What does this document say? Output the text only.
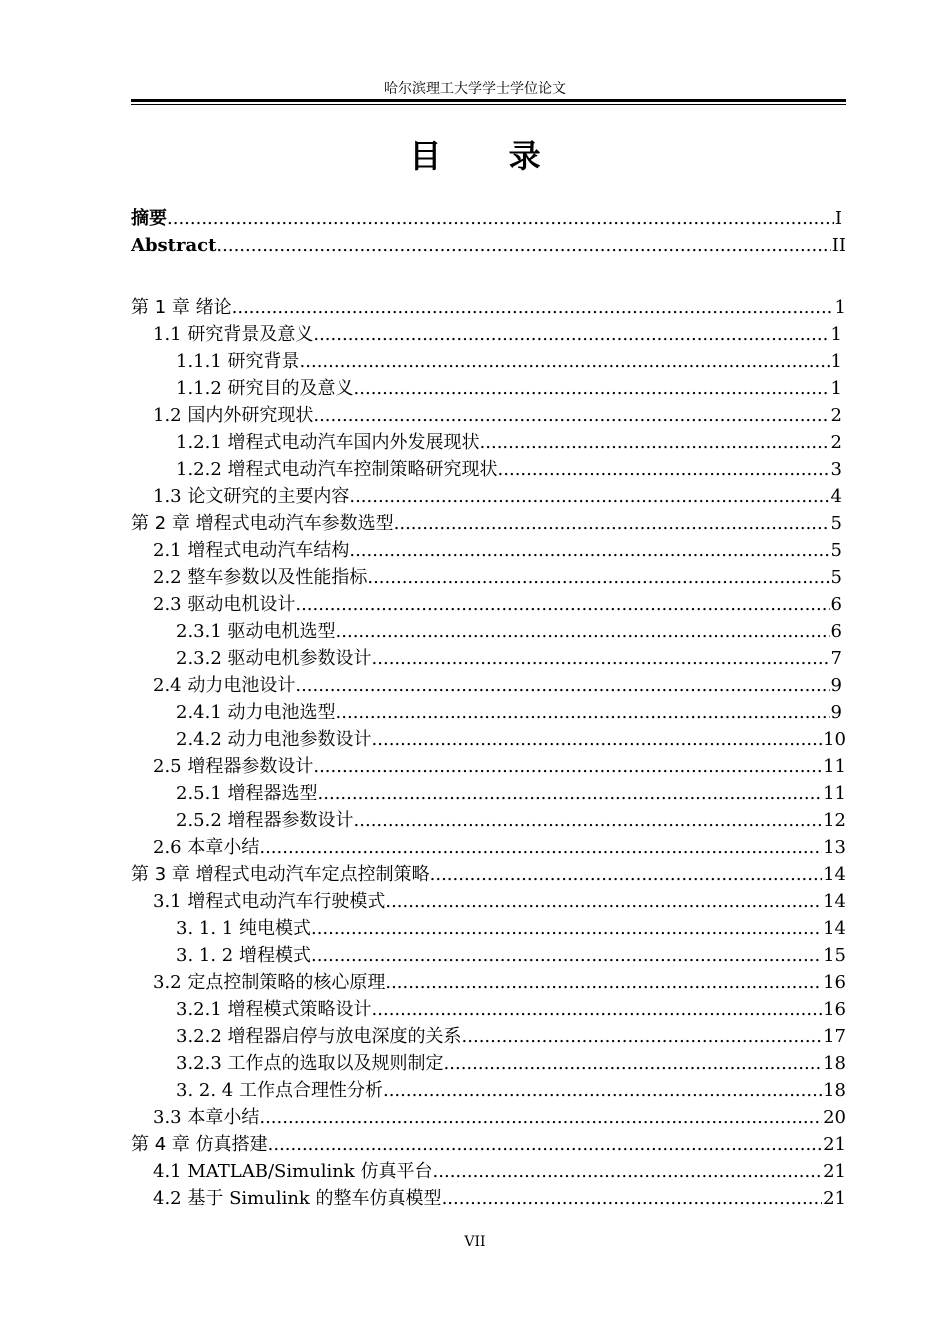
哈尔滨理工大学学士学位论文
目 录
摘要 .....	I
Abstract .....	II
第 1 章 绪论 .....	1
1.1 研究背景及意义 .....	1
1.1.1 研究背景 .....	1
1.1.2 研究目的及意义 .....	1
1.2 国内外研究现状 .....	2
1.2.1 增程式电动汽车国内外发展现状 .....	2
1.2.2 增程式电动汽车控制策略研究现状 .....	3
1.3 论文研究的主要内容 .....	4
第 2 章 增程式电动汽车参数选型 .....	5
2.1 增程式电动汽车结构 .....	5
2.2 整车参数以及性能指标 .....	5
2.3 驱动电机设计 .....	6
2.3.1 驱动电机选型 .....	6
2.3.2 驱动电机参数设计 .....	7
2.4 动力电池设计 .....	9
2.4.1 动力电池选型 .....	9
2.4.2 动力电池参数设计 .....	10
2.5 增程器参数设计 .....	11
2.5.1 增程器选型 .....	11
2.5.2 增程器参数设计 .....	12
2.6 本章小结 .....	13
第 3 章 增程式电动汽车定点控制策略 .....	14
3.1 增程式电动汽车行驶模式 .....	14
3. 1. 1 纯电模式 .....	14
3. 1. 2 增程模式 .....	15
3.2 定点控制策略的核心原理 .....	16
3.2.1 增程模式策略设计 .....	16
3.2.2 增程器启停与放电深度的关系 .....	17
3.2.3 工作点的选取以及规则制定 .....	18
3. 2. 4 工作点合理性分析 .....	18
3.3 本章小结 .....	20
第 4 章 仿真搭建 .....	21
4.1 MATLAB/Simulink 仿真平台 .....	21
4.2 基于 Simulink 的整车仿真模型 .....	21
VII
